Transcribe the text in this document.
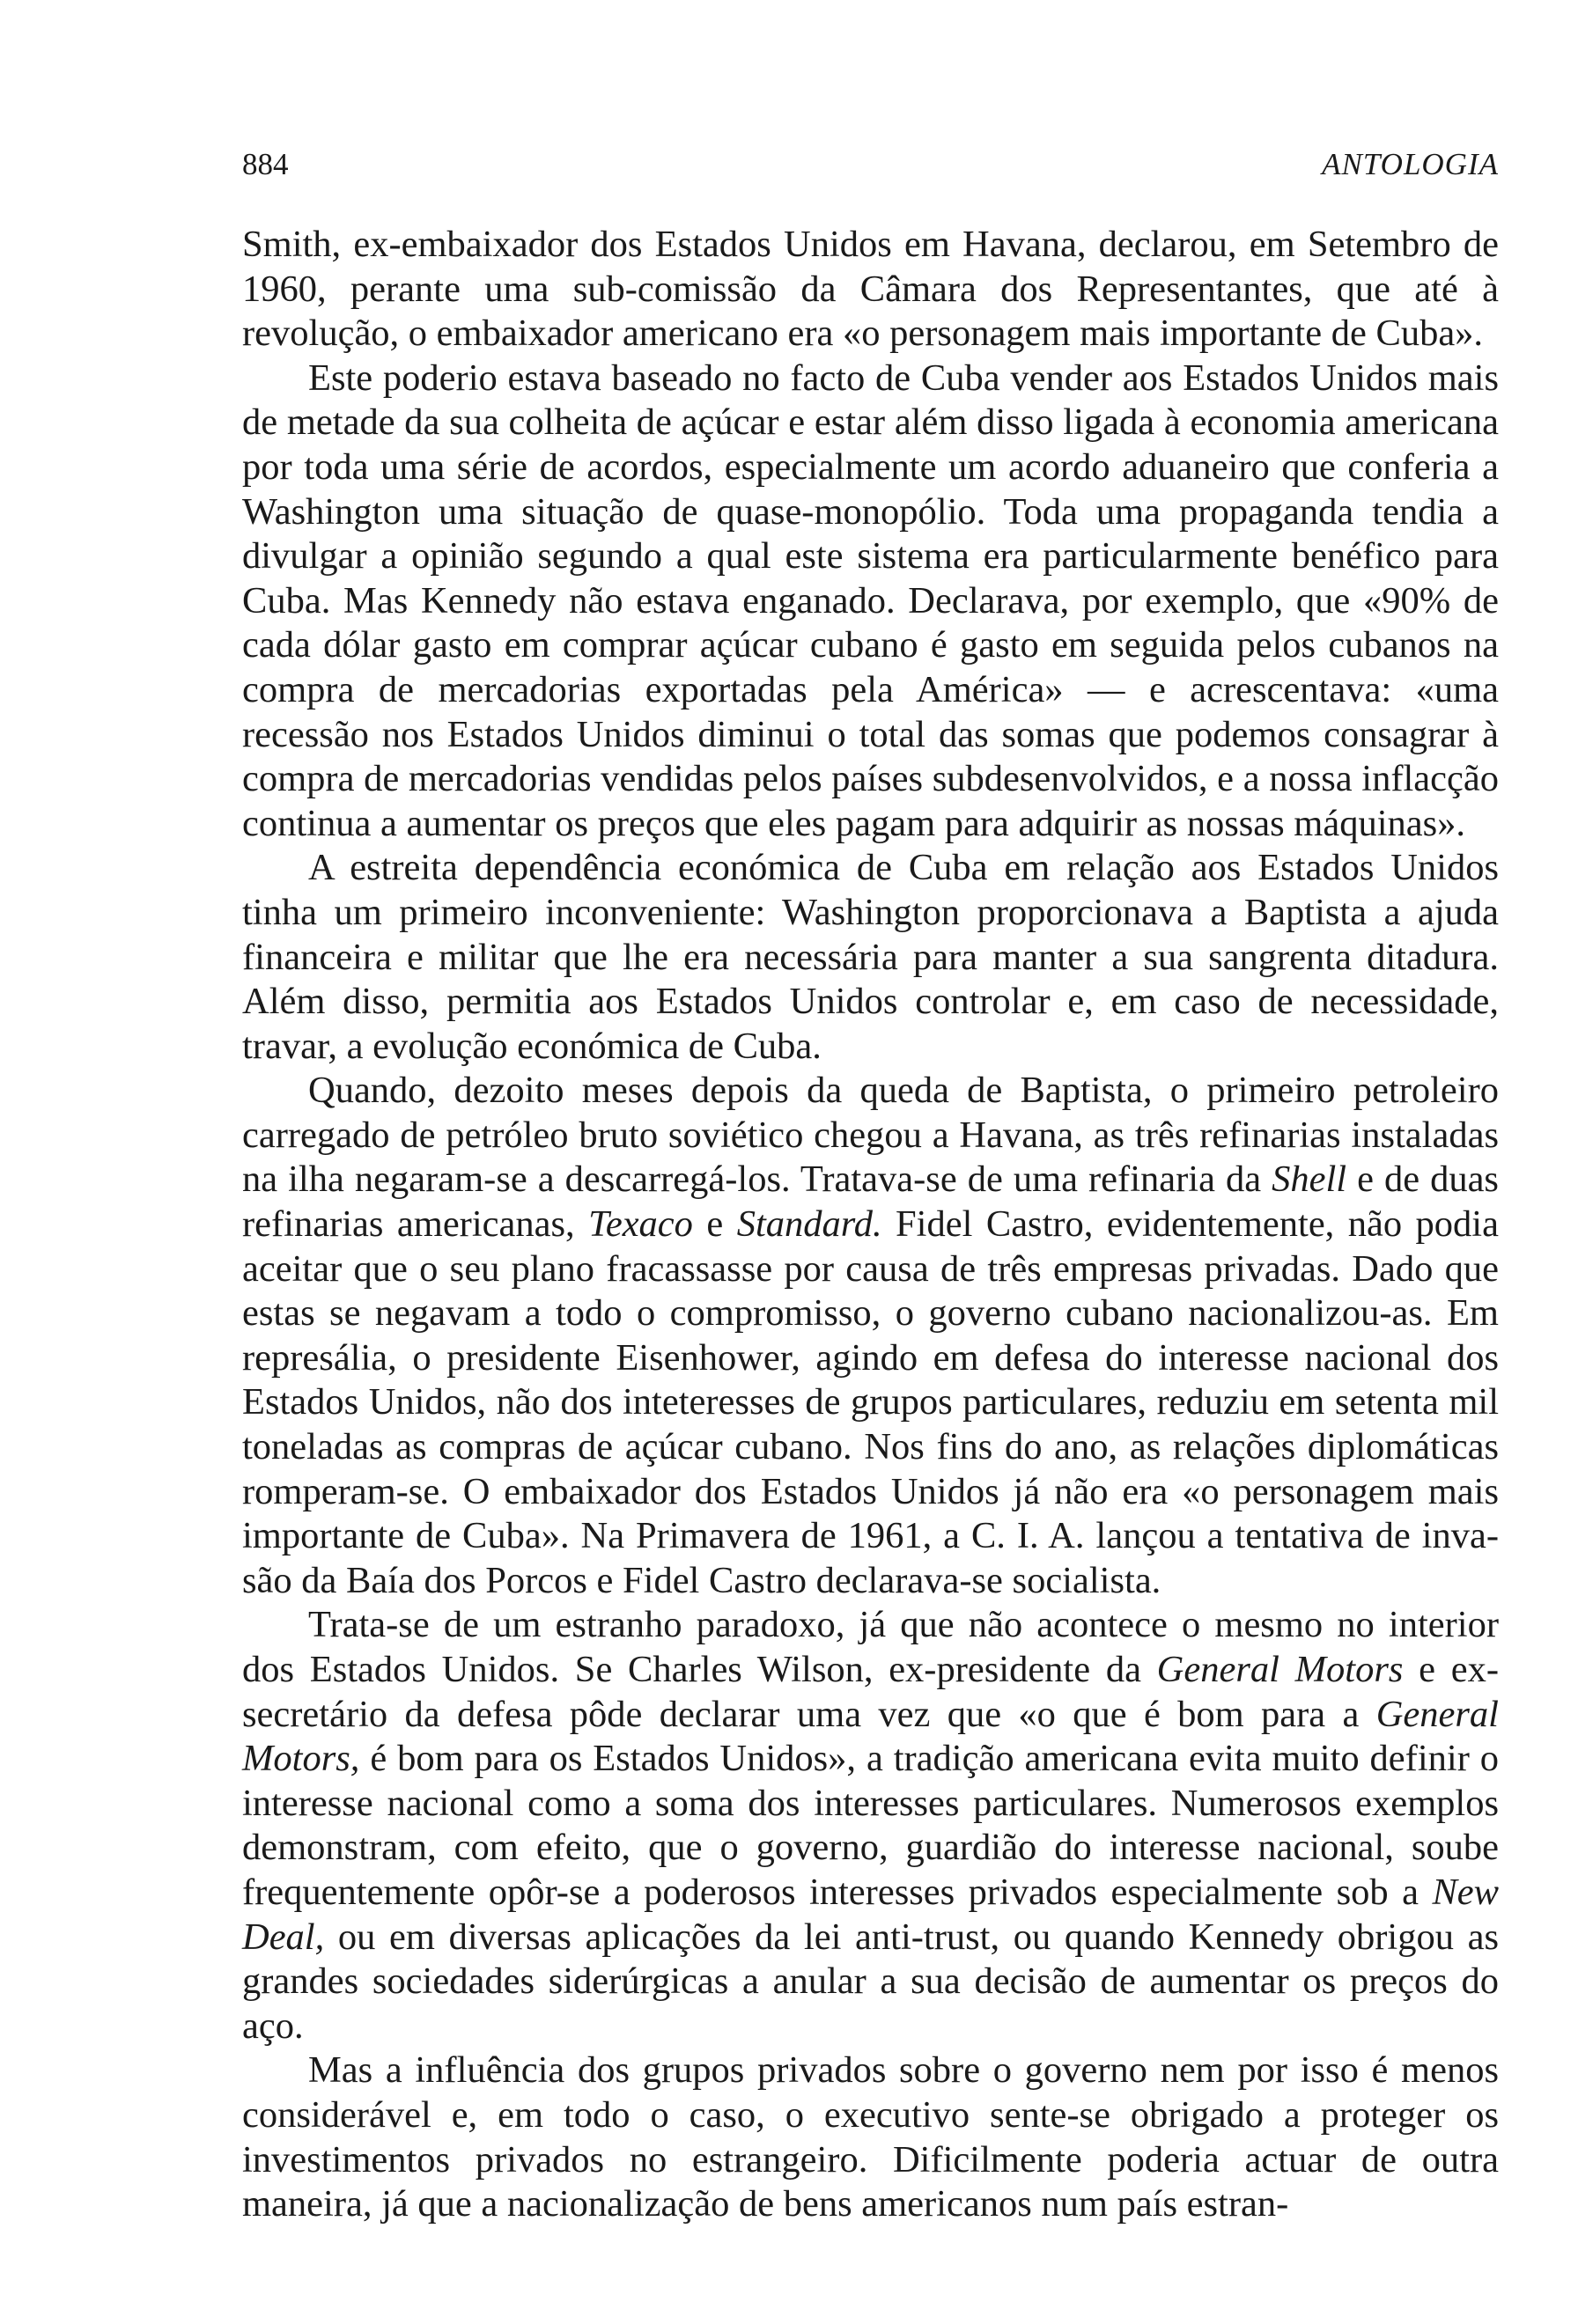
884	ANTOLOGIA

Smith, ex-embaixador dos Estados Unidos em Havana, declarou, em Setembro de 1960, perante uma sub-comissão da Câmara dos Representantes, que até à revolução, o embaixador americano era «o personagem mais importante de Cuba».

Este poderio estava baseado no facto de Cuba vender aos Estados Unidos mais de metade da sua colheita de açúcar e estar além disso ligada à economia americana por toda uma série de acordos, especialmente um acordo aduaneiro que conferia a Washington uma situação de quase-monopólio. Toda uma propaganda tendia a divulgar a opinião segundo a qual este sistema era particularmente benéfico para Cuba. Mas Kennedy não estava enganado. Declarava, por exemplo, que «90% de cada dólar gasto em comprar açúcar cubano é gasto em seguida pelos cubanos na compra de mercadorias exportadas pela América» — e acrescentava: «uma recessão nos Estados Unidos diminui o total das somas que podemos consagrar à compra de mercadorias vendidas pelos países subdesenvolvidos, e a nossa inflacção continua a aumentar os preços que eles pagam para adquirir as nossas máquinas».

A estreita dependência económica de Cuba em relação aos Estados Unidos tinha um primeiro inconveniente: Washington proporcionava a Baptista a ajuda financeira e militar que lhe era necessária para manter a sua sangrenta ditadura. Além disso, permitia aos Estados Unidos controlar e, em caso de necessidade, travar, a evolução económica de Cuba.

Quando, dezoito meses depois da queda de Baptista, o primeiro petroleiro carregado de petróleo bruto soviético chegou a Havana, as três refinarias instaladas na ilha negaram-se a descarregá-los. Tratava-se de uma refinaria da Shell e de duas refinarias americanas, Texaco e Standard. Fidel Castro, evidentemente, não podia aceitar que o seu plano fracassasse por causa de três empresas privadas. Dado que estas se negavam a todo o compromisso, o governo cubano nacionalizou-as. Em represália, o presidente Eisenhower, agindo em defesa do interesse nacional dos Estados Unidos, não dos inteteresses de grupos particulares, reduziu em setenta mil toneladas as compras de açúcar cubano. Nos fins do ano, as relações diplomáticas romperam-se. O embaixador dos Estados Unidos já não era «o personagem mais importante de Cuba». Na Primavera de 1961, a C. I. A. lançou a tentativa de invasão da Baía dos Porcos e Fidel Castro declarava-se socialista.

Trata-se de um estranho paradoxo, já que não acontece o mesmo no interior dos Estados Unidos. Se Charles Wilson, ex-presidente da General Motors e ex-secretário da defesa pôde declarar uma vez que «o que é bom para a General Motors, é bom para os Estados Unidos», a tradição americana evita muito definir o interesse nacional como a soma dos interesses particulares. Numerosos exemplos demonstram, com efeito, que o governo, guardião do interesse nacional, soube frequentemente opôr-se a poderosos interesses privados especialmente sob a New Deal, ou em diversas aplicações da lei anti-trust, ou quando Kennedy obrigou as grandes sociedades siderúrgicas a anular a sua decisão de aumentar os preços do aço.

Mas a influência dos grupos privados sobre o governo nem por isso é menos considerável e, em todo o caso, o executivo sente-se obrigado a proteger os investimentos privados no estrangeiro. Dificilmente poderia actuar de outra maneira, já que a nacionalização de bens americanos num país estran-
